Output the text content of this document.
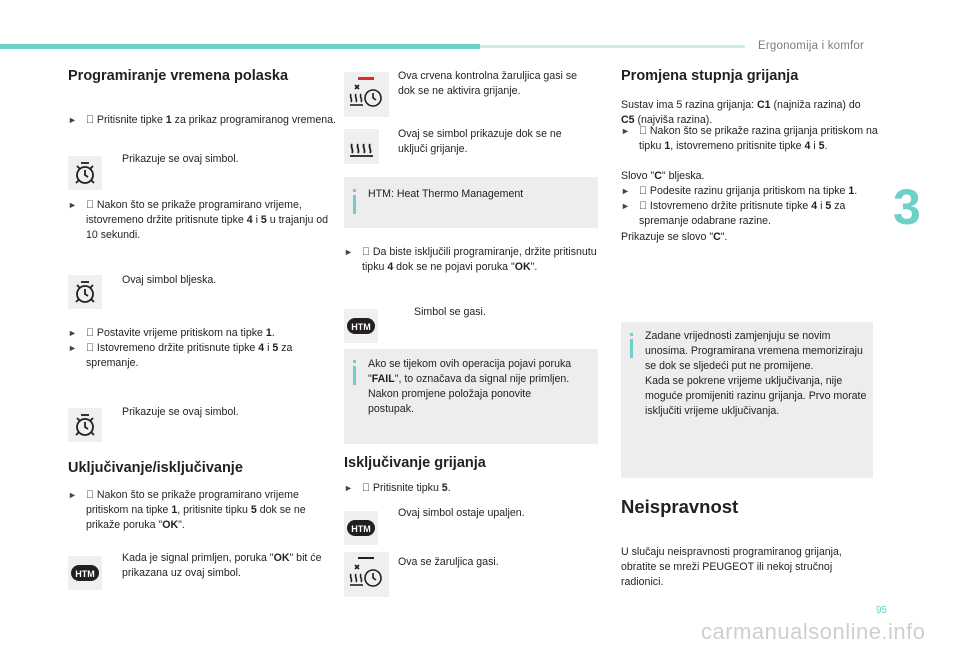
Ergonomija i komfor
3
95
carmanualsonline.info
Programiranje vremena polaska

► Pritisnite tipke 1 za prikaz programiranog vremena.
Prikazuje se ovaj simbol.

► Nakon što se prikaže programirano vrijeme, istovremeno držite pritisnute tipke 4 i 5 u trajanju od 10 sekundi.
Ovaj simbol bljeska.

► Postavite vrijeme pritiskom na tipke 1.

► Istovremeno držite pritisnute tipke 4 i 5 za spremanje.
Prikazuje se ovaj simbol.
Uključivanje/isključivanje

► Nakon što se prikaže programirano vrijeme pritiskom na tipke 1, pritisnite tipku 5 dok se ne prikaže poruka "OK".
HTM
Kada je signal primljen, poruka "OK" bit će prikazana uz ovaj simbol.
Ova crvena kontrolna žaruljica gasi se dok se ne aktivira grijanje.
Ovaj se simbol prikazuje dok se ne uključi grijanje.
HTM: Heat Thermo Management

► Da biste isključili programiranje, držite pritisnutu tipku 4 dok se ne pojavi poruka "OK".
HTM
Simbol se gasi.
Ako se tijekom ovih operacija pojavi poruka "FAIL", to označava da signal nije primljen. Nakon promjene položaja ponovite postupak.
Isključivanje grijanja

► Pritisnite tipku 5.
HTM
Ovaj simbol ostaje upaljen.
Ova se žaruljica gasi.
Promjena stupnja grijanja
Sustav ima 5 razina grijanja: C1 (najniža razina) do C5 (najviša razina).

► Nakon što se prikaže razina grijanja pritiskom na tipku 1, istovremeno pritisnite tipke 4 i 5.
Slovo "C" bljeska.

► Podesite razinu grijanja pritiskom na tipke 1.

► Istovremeno držite pritisnute tipke 4 i 5 za spremanje odabrane razine.
Prikazuje se slovo "C".
Zadane vrijednosti zamjenjuju se novim unosima. Programirana vremena memoriziraju se dok se sljedeći put ne promijene.
Kada se pokrene vrijeme uključivanja, nije moguće promijeniti razinu grijanja. Prvo morate isključiti vrijeme uključivanja.
Neispravnost
U slučaju neispravnosti programiranog grijanja, obratite se mreži PEUGEOT ili nekoj stručnoj radionici.
